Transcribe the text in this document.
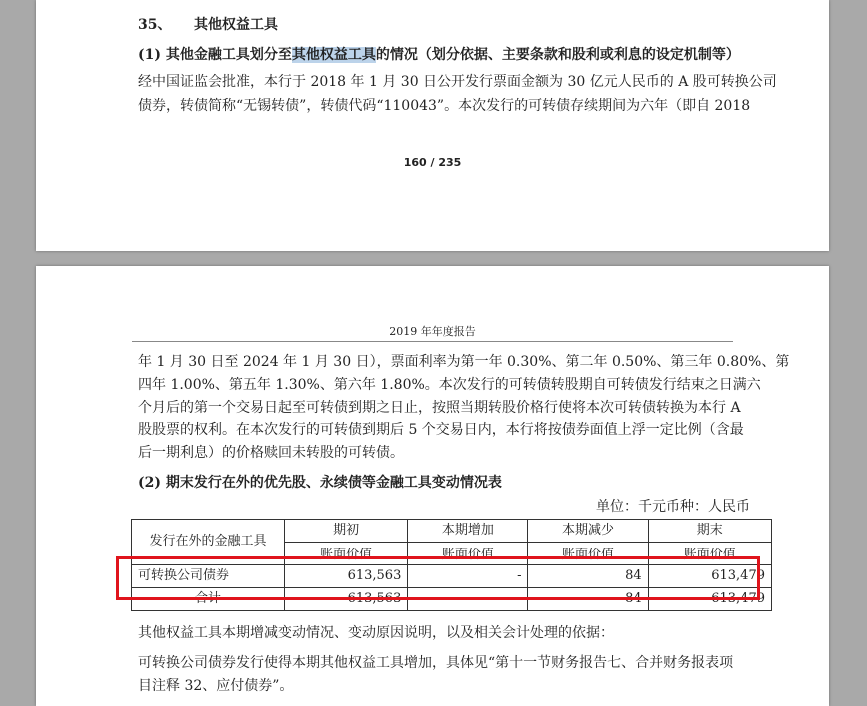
35、 其他权益工具
(1) 其他金融工具划分至其他权益工具的情况（划分依据、主要条款和股利或利息的设定机制等）
经中国证监会批准，本行于 2018 年 1 月 30 日公开发行票面金额为 30 亿元人民币的 A 股可转换公司
债券，转债简称“无锡转债”，转债代码“110043”。本次发行的可转债存续期间为六年（即自 2018
160 / 235
2019 年年度报告
年 1 月 30 日至 2024 年 1 月 30 日），票面利率为第一年 0.30%、第二年 0.50%、第三年 0.80%、第
四年 1.00%、第五年 1.30%、第六年 1.80%。本次发行的可转债转股期自可转债发行结束之日满六
个月后的第一个交易日起至可转债到期之日止，按照当期转股价格行使将本次可转债转换为本行 A
股股票的权利。在本次发行的可转债到期后 5 个交易日内，本行将按债券面值上浮一定比例（含最
后一期利息）的价格赎回未转股的可转债。
(2) 期末发行在外的优先股、永续债等金融工具变动情况表
单位：千元币种：人民币
发行在外的金融工具	期初	本期增加	本期减少	期末

	账面价值	账面价值	账面价值	账面价值

可转换公司债券	613,563	-	84	613,479
合计	613,563	-	84	613,479
其他权益工具本期增减变动情况、变动原因说明，以及相关会计处理的依据：
可转换公司债券发行使得本期其他权益工具增加，具体见“第十一节财务报告七、合并财务报表项
目注释 32、应付债券”。
